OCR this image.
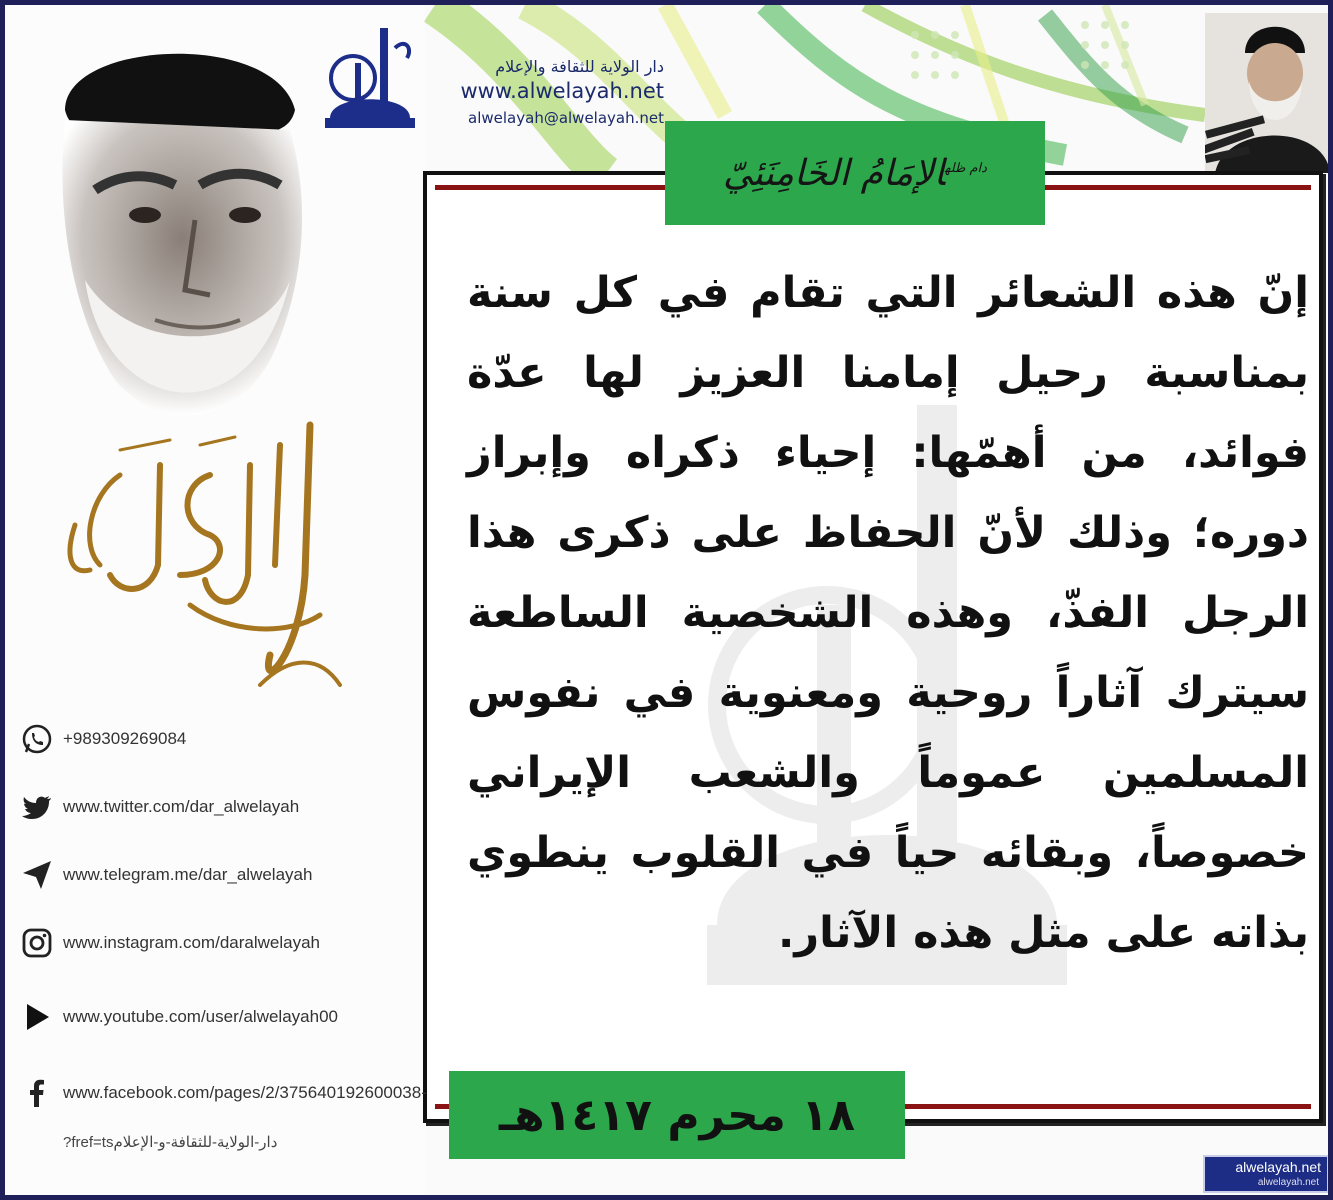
دار الولاية للثقافة والإعلام
www.alwelayah.net
alwelayah@alwelayah.net
إنّ هذه الشعائر التي تقام في كل سنة بمناسبة رحيل إمامنا العزيز لها عدّة فوائد، من أهمّها: إحياء ذكراه وإبراز دوره؛ وذلك لأنّ الحفاظ على ذكرى هذا الرجل الفذّ، وهذه الشخصية الساطعة سيترك آثاراً روحية ومعنوية في نفوس المسلمين عموماً والشعب الإيراني خصوصاً، وبقائه حياً في القلوب ينطوي بذاته على مثل هذه الآثار.
$^{دام ظله}$الإمَامُ الخَامِنَئِيّ
١٨ محرم ١٤١٧هـ
+989309269084
www.twitter.com/dar_alwelayah
www.telegram.me/dar_alwelayah
www.instagram.com/daralwelayah
www.youtube.com/user/alwelayah00
www.facebook.com/pages/2/375640192600038-
?fref=ts‏دار-الولاية-للثقافة-و-الإعلام
alwelayah.net
alwelayah.net
